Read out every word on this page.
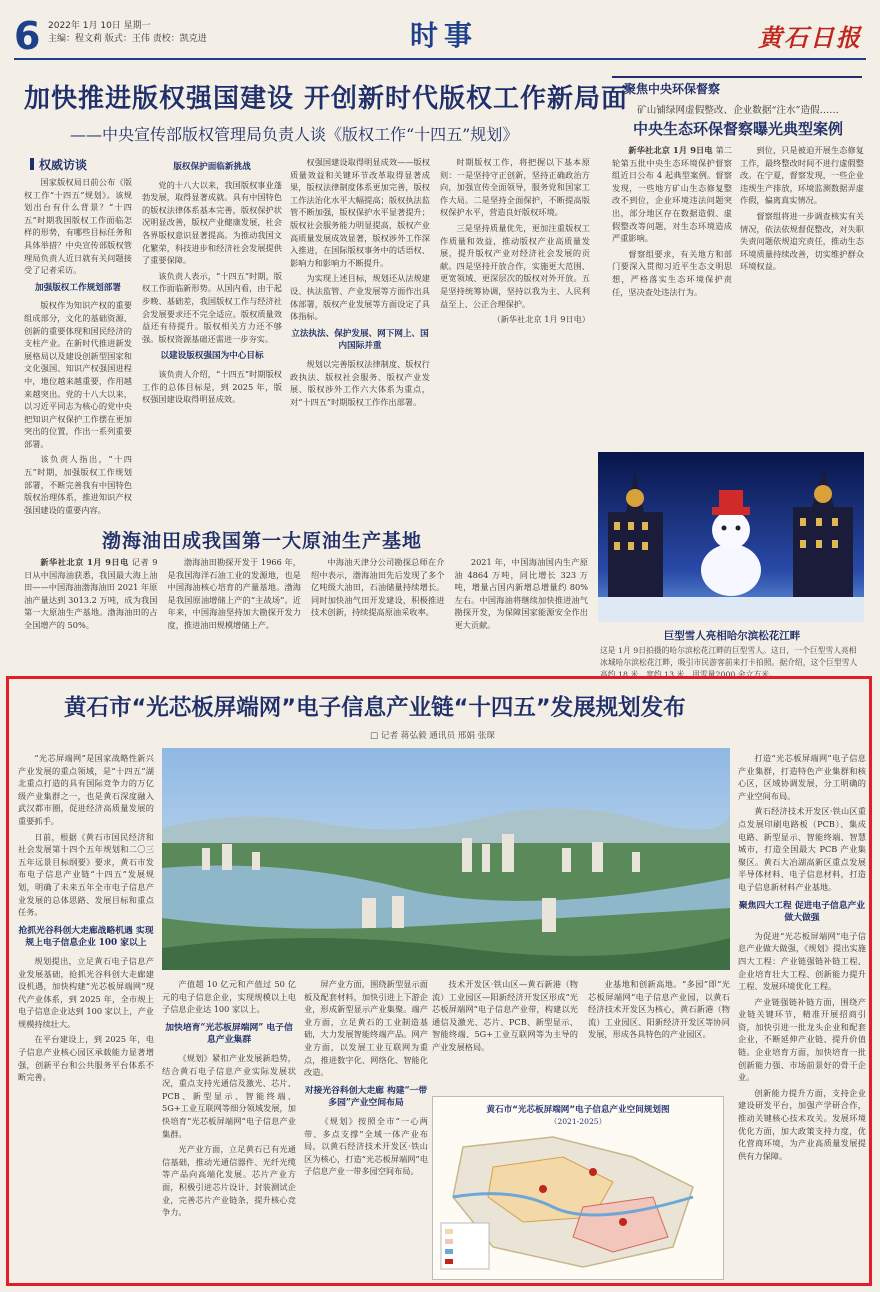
6 2022年 1月 10日 星期一
主编：程文莉 版式：王伟 责校：凯克进	时事	黄石日报
加快推进版权强国建设 开创新时代版权工作新局面
——中央宣传部版权管理局负责人谈《版权工作“十四五”规划》
权威访谈

国家版权局日前公布《版权工作“十四五”规划》。该规划出台有什么背景？“十四五”时期我国版权工作面临怎样的形势，有哪些目标任务和具体举措？中央宣传部版权管理局负责人近日就有关问题接受了记者采访。

加强版权工作规划部署

版权作为知识产权的重要组成部分，文化的基础资源、创新的重要体现和国民经济的支柱产业。在新时代推进新发展格局以及建设创新型国家和文化强国、知识产权强国进程中，地位越来越重要，作用越来越突出。党的十八大以来，以习近平同志为核心的党中央把知识产权保护工作摆在更加突出的位置，作出一系列重要部署。

该负责人指出，“十四五”时期，加强版权工作规划部署，不断完善我有中国特色版权治理体系，推进知识产权强国建设的重要内容。

版权保护面临新挑战

党的十八大以来，我国版权事业蓬勃发展，取得显著成就。具有中国特色的版权法律体系基本完善，版权保护状况明显改善，版权产业健康发展，社会各界版权意识显著提高。为推动我国文化繁荣，科技进步和经济社会发展提供了重要保障。

该负责人表示，“十四五”时期，版权工作面临新形势。从国内看，由于起步晚、基础差，我国版权工作与经济社会发展要求还不完全适应。版权质量效益还有待提升。版权相关方力还不够强。版权资源基础还需进一步夯实。

以建设版权强国为中心目标

该负责人介绍，“十四五”时期版权工作的总体目标是，到 2025 年，版权强国建设取得明显成效。

权强国建设取得明显成效——版权质量效益和关键环节改革取得显著成果，版权法律制度体系更加完善，版权工作法治化水平大幅提高；版权执法监管不断加强，版权保护水平显著提升；版权社会服务能力明显提高，版权产业高质量发展成效显著，版权涉外工作深入推进，在国际版权事务中的话语权、影响力和影响力不断提升。

为实现上述目标，规划还从法规建设、执法监管、产业发展等方面作出具体部署，版权产业发展等方面设定了具体指标。

立法执法、保护发展、网下网上、国内国际并重

规划以完善版权法律制度、版权行政执法、版权社会服务、版权产业发展、版权涉外工作六大体系为重点，对“十四五”时期版权工作作出部署。

时期版权工作，将把握以下基本原则：一是坚持守正创新，坚持正确政治方向，加强宣传全面领导，服务党和国家工作大局。二是坚持全面保护，不断提高版权保护水平，营造良好版权环境。

三是坚持质量优先，更加注重版权工作质量和效益，推动版权产业高质量发展，提升版权产业对经济社会发展的贡献。四是坚持开放合作，实施更大范围、更宽领域、更深层次的版权对外开放。五是坚持统筹协调，坚持以我为主、人民利益至上、公正合理保护。

（新华社北京 1月 9日电）

聚焦中央环保督察
矿山铺绿网虚假整改、企业数据“注水”造假……
中央生态环保督察曝光典型案例

新华社北京 1月 9日电 第二轮第五批中央生态环境保护督察组近日公布 4 起典型案例。督察发现，一些地方矿山生态修复整改不到位，企业环境违法问题突出，部分地区存在数据造假、虚假整改等问题，对生态环境造成严重影响。

督察组要求，有关地方和部门要深入贯彻习近平生态文明思想，严格落实生态环境保护责任，坚决查处违法行为。

到位，只是被迫开展生态修复工作，最终整改时间不进行虚假整改。在宁夏，督察发现，一些企业违规生产排放，环境监测数据弄虚作假，偏离真实情况。

督察组将进一步调查核实有关情况，依法依规督促整改，对失职失责问题依规追究责任，推动生态环境质量持续改善，切实维护群众环境权益。

巨型雪人亮相哈尔滨松花江畔
这是 1月 9日拍摄的哈尔滨松花江畔的巨型雪人。这日，一个巨型雪人亮相冰城哈尔滨松花江畔，吸引市民游客前来打卡拍照。据介绍，这个巨型雪人高约 18 米，宽约 13 米，用雪量2000 余立方米。
渤海油田成我国第一大原油生产基地

新华社北京 1月 9日电 记者 9 日从中国海油获悉，我国最大海上油田——中国海油渤海油田 2021 年原油产量达到 3013.2 万吨，成为我国第一大原油生产基地。渤海油田的占全国增产的 50%。

渤海油田勘探开发于 1966 年，是我国海洋石油工业的发源地，也是中国海油核心培育的产量基地。渤海是我国原油增储上产的“主战场”。近年来，中国海油坚持加大勘探开发力度，推进油田规模增储上产。

中海油天津分公司勘探总师在介绍中表示，渤海油田先后发现了多个亿吨级大油田，石油储量持续增长。同时加快油气田开发建设，积极推进技术创新，持续提高原油采收率。

2021 年，中国海油国内生产原油 4864 万吨，同比增长 323 万吨，增量占国内新增总增量约 80% 左右。中国海油将继续加快推进油气勘探开发，为保障国家能源安全作出更大贡献。

黄石市“光芯板屏端网”电子信息产业链“十四五”发展规划发布
□ 记者 蒋弘毅 通讯员 邢娟 张琛

“光芯屏端网”是国家战略性新兴产业发展的重点领域，是“十四五”湖北重点打造的具有国际竞争力的万亿级产业集群之一，也是黄石深度融入武汉都市圈，促进经济高质量发展的重要抓手。

日前，根据《黄石市国民经济和社会发展第十四个五年规划和二〇三五年远景目标纲要》要求，黄石市发布电子信息产业链“十四五”发展规划，明确了未来五年全市电子信息产业发展的总体思路、发展目标和重点任务。

抢抓光谷科创大走廊战略机遇 实现规上电子信息企业 100 家以上

规划提出，立足黄石电子信息产业发展基础，抢抓光谷科创大走廊建设机遇，加快构建“光芯板屏端网”现代产业体系，到 2025 年，全市规上电子信息企业达到 100 家以上，产业规模持续壮大。

在平台建设上，到 2025 年，电子信息产业核心园区承载能力显著增强，创新平台和公共服务平台体系不断完善。

产值超 10 亿元和产值过 50 亿元的电子信息企业，实现规模以上电子信息企业达 100 家以上。

加快培育“光芯板屏端网” 电子信息产业集群

《规划》紧扣产业发展新趋势，结合黄石电子信息产业实际发展状况，重点支持光通信及激光、芯片、PCB、新型显示、智能终端、5G+工业互联网等细分领域发展，加快培育“光芯板屏端网”电子信息产业集群。

光产业方面，立足黄石已有光通信基础，推动光通信器件、光纤光缆等产品向高端化发展。芯片产业方面，积极引进芯片设计、封装测试企业，完善芯片产业链条，提升核心竞争力。

屏产业方面，围绕新型显示面板及配套材料，加快引进上下游企业，形成新型显示产业集聚。端产业方面，立足黄石的工业制造基础，大力发展智能终端产品。网产业方面，以发展工业互联网为重点，推进数字化、网络化、智能化改造。

对接光谷科创大走廊 构建“一带多园”产业空间布局

《规划》按照全市“一心两带、多点支撑”全域一体产业布局，以黄石经济技术开发区·铁山区为核心，打造“光芯板屏端网”电子信息产业一带多园空间布局。

技术开发区·铁山区—黄石新港（物流）工业园区—阳新经济开发区形成“光芯板屏端网”电子信息产业带，构建以光通信及激光、芯片、PCB、新型显示、智能终端、5G+工业互联网等为主导的产业发展格局。

业基地和创新高地。“多园”即“光芯板屏端网”电子信息产业园，以黄石经济技术开发区为核心，黄石新港（物流）工业园区、阳新经济开发区等协同发展，形成各具特色的产业园区。

黄石市“光芯板屏端网”电子信息产业空间规划图
（2021-2025）

打造“光芯板屏端网”电子信息产业集群，打造特色产业集群和核心区，区域协调发展，分工明确的产业空间布局。

黄石经济技术开发区·铁山区重点发展印刷电路板（PCB）、集成电路、新型显示、智能终端、智慧城市，打造全国最大 PCB 产业集聚区。黄石大冶湖高新区重点发展半导体材料、电子信息材料，打造电子信息新材料产业基地。

聚焦四大工程 促进电子信息产业做大做强

为促进“光芯板屏端网”电子信息产业做大做强，《规划》提出实施四大工程：产业链强链补链工程、企业培育壮大工程、创新能力提升工程、发展环境优化工程。

产业链强链补链方面，围绕产业链关键环节，精准开展招商引资，加快引进一批龙头企业和配套企业，不断延伸产业链、提升价值链。企业培育方面，加快培育一批创新能力强、市场前景好的骨干企业。

创新能力提升方面，支持企业建设研发平台，加强产学研合作，推动关键核心技术攻关。发展环境优化方面，加大政策支持力度，优化营商环境，为产业高质量发展提供有力保障。
